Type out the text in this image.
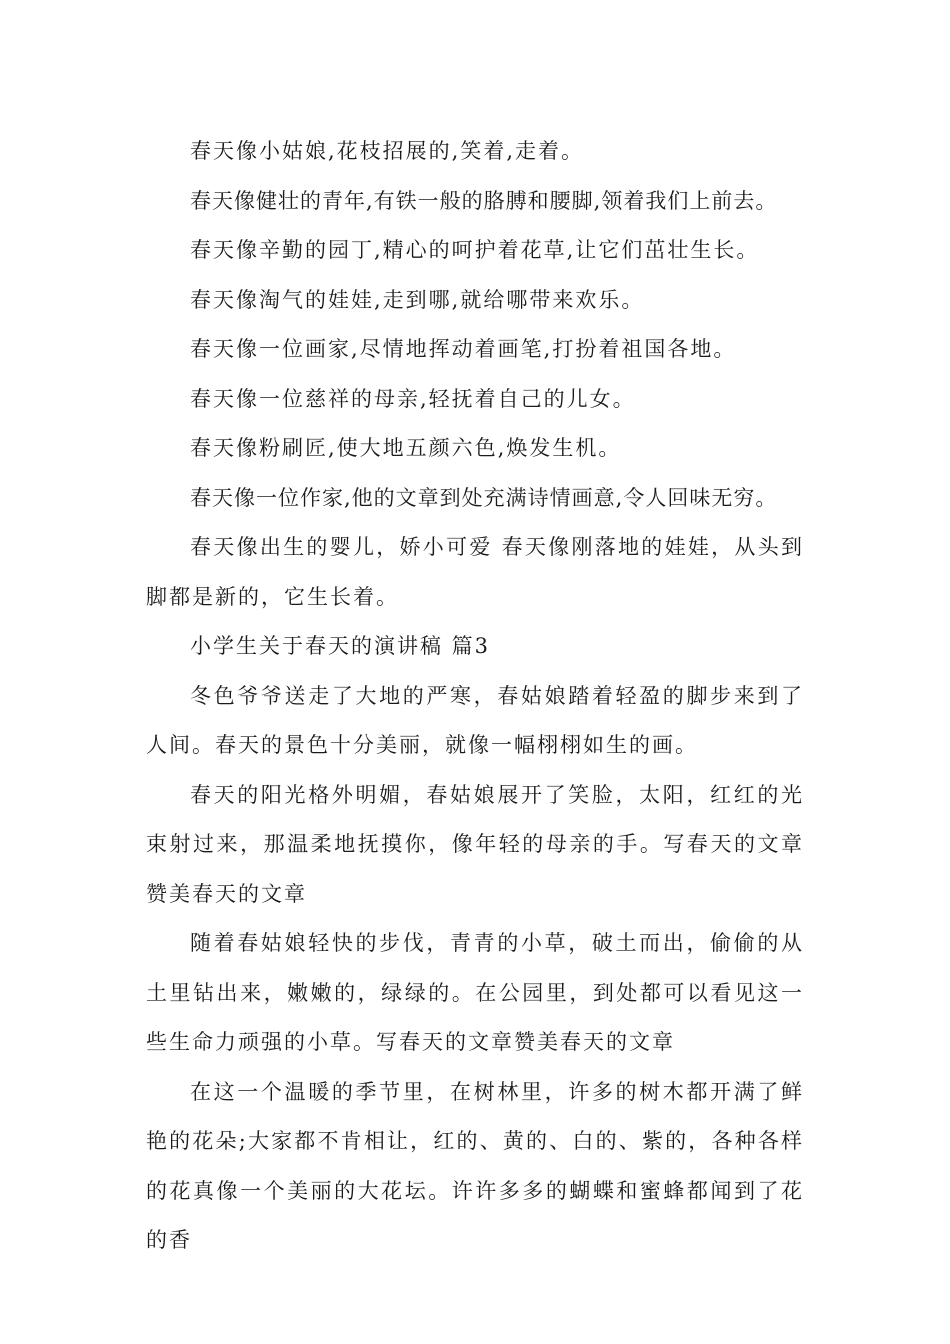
春天像小姑娘,花枝招展的,笑着,走着。

春天像健壮的青年,有铁一般的胳膊和腰脚,领着我们上前去。

春天像辛勤的园丁,精心的呵护着花草,让它们茁壮生长。

春天像淘气的娃娃,走到哪,就给哪带来欢乐。

春天像一位画家,尽情地挥动着画笔,打扮着祖国各地。

春天像一位慈祥的母亲,轻抚着自己的儿女。

春天像粉刷匠,使大地五颜六色,焕发生机。

春天像一位作家,他的文章到处充满诗情画意,令人回味无穷。

春天像出生的婴儿，娇小可爱 春天像刚落地的娃娃，从头到脚都是新的，它生长着。

小学生关于春天的演讲稿 篇3

冬色爷爷送走了大地的严寒，春姑娘踏着轻盈的脚步来到了人间。春天的景色十分美丽，就像一幅栩栩如生的画。

春天的阳光格外明媚，春姑娘展开了笑脸，太阳，红红的光束射过来，那温柔地抚摸你，像年轻的母亲的手。写春天的文章 赞美春天的文章

随着春姑娘轻快的步伐，青青的小草，破土而出，偷偷的从土里钻出来，嫩嫩的，绿绿的。在公园里，到处都可以看见这一些生命力顽强的小草。写春天的文章赞美春天的文章

在这一个温暖的季节里，在树林里，许多的树木都开满了鲜艳的花朵;大家都不肯相让，红的、黄的、白的、紫的，各种各样的花真像一个美丽的大花坛。许许多多的蝴蝶和蜜蜂都闻到了花的香
